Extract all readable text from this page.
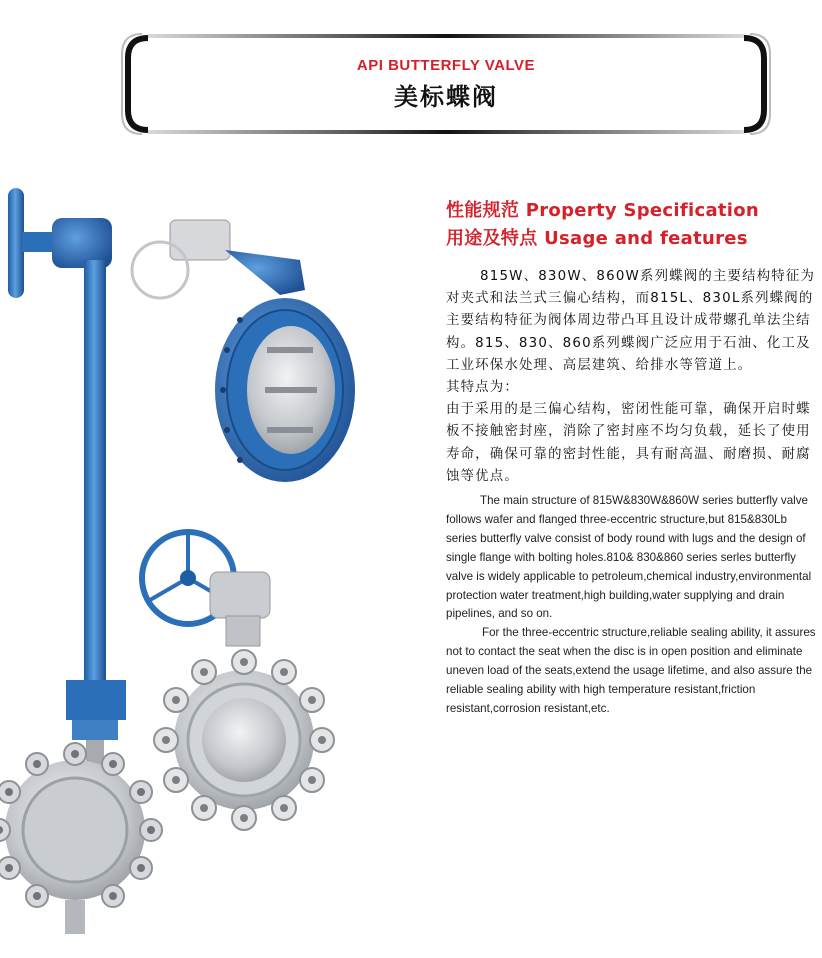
API BUTTERFLY VALVE
美标蝶阀
性能规范 Property Specification
用途及特点 Usage and features

815W、830W、860W系列蝶阀的主要结构特征为对夹式和法兰式三偏心结构，而815L、830L系列蝶阀的主要结构特征为阀体周边带凸耳且设计成带螺孔单法尘结构。815、830、860系列蝶阀广泛应用于石油、化工及工业环保水处理、高层建筑、给排水等管道上。

其特点为：

由于采用的是三偏心结构，密闭性能可靠，确保开启时蝶板不接触密封座，消除了密封座不均匀负载，延长了使用寿命，确保可靠的密封性能，具有耐高温、耐磨损、耐腐蚀等优点。

The main structure of 815W&830W&860W series butterfly valve follows wafer and flanged three-eccentric structure,but 815&830Lb series butterfly valve consist of body round with lugs and the design of single flange with bolting holes.810& 830&860 series serles butterfly valve is widely applicable to petroleum,chemical industry,environmental protection water treatment,high building,water supplying and drain pipelines, and so on.

For the three-eccentric structure,reliable sealing ability, it assures not to contact the seat when the disc is in open position and eliminate uneven load of the seats,extend the usage lifetime, and also assure the reliable sealing ability with high temperature resistant,friction resistant,corrosion resistant,etc.
